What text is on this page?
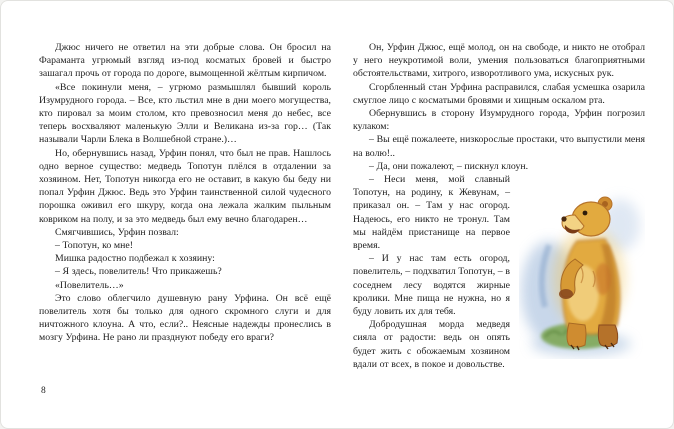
Джюс ничего не ответил на эти добрые слова. Он бросил на Фараманта угрюмый взгляд из-под косматых бровей и быстро зашагал прочь от города по дороге, вымощенной жёлтым кирпичом.

«Все покинули меня, – угрюмо размышлял бывший король Изумрудного города. – Все, кто льстил мне в дни моего могущества, кто пировал за моим столом, кто превозносил меня до небес, все теперь восхваляют маленькую Элли и Великана из-за гор… (Так называли Чарли Блека в Волшебной стране.)…

Но, обернувшись назад, Урфин понял, что был не прав. Нашлось одно верное существо: медведь Топотун плёлся в отдалении за хозяином. Нет, Топотун никогда его не оставит, в какую бы беду ни попал Урфин Джюс. Ведь это Урфин таинственной силой чудесного порошка оживил его шкуру, когда она лежала жалким пыльным ковриком на полу, и за это медведь был ему вечно благодарен…

Смягчившись, Урфин позвал:

– Топотун, ко мне!

Мишка радостно подбежал к хозяину:

– Я здесь, повелитель! Что прикажешь?

«Повелитель…»

Это слово облегчило душевную рану Урфина. Он всё ещё повелитель хотя бы только для одного скромного слуги и для ничтожного клоуна. А что, если?.. Неясные надежды пронеслись в мозгу Урфина. Не рано ли празднуют победу его враги?

Он, Урфин Джюс, ещё молод, он на свободе, и никто не отобрал у него неукротимой воли, умения пользоваться благоприятными обстоятельствами, хитрого, изворотливого ума, искусных рук.

Сгорбленный стан Урфина расправился, слабая усмешка озарила смуглое лицо с косматыми бровями и хищным оскалом рта.

Обернувшись в сторону Изумрудного города, Урфин погрозил кулаком:

– Вы ещё пожалеете, низкорослые простаки, что выпустили меня на волю!..

– Да, они пожалеют, – пискнул клоун.

– Неси меня, мой славный Топотун, на родину, к Жевунам, – приказал он. – Там у нас огород. Надеюсь, его никто не тронул. Там мы найдём пристанище на первое время.

– И у нас там есть огород, повелитель, – подхватил Топотун, – в соседнем лесу водятся жирные кролики. Мне пища не нужна, но я буду ловить их для тебя.

Добродушная морда медведя сияла от радости: ведь он опять будет жить с обожаемым хозяином вдали от всех, в покое и довольстве.

8
